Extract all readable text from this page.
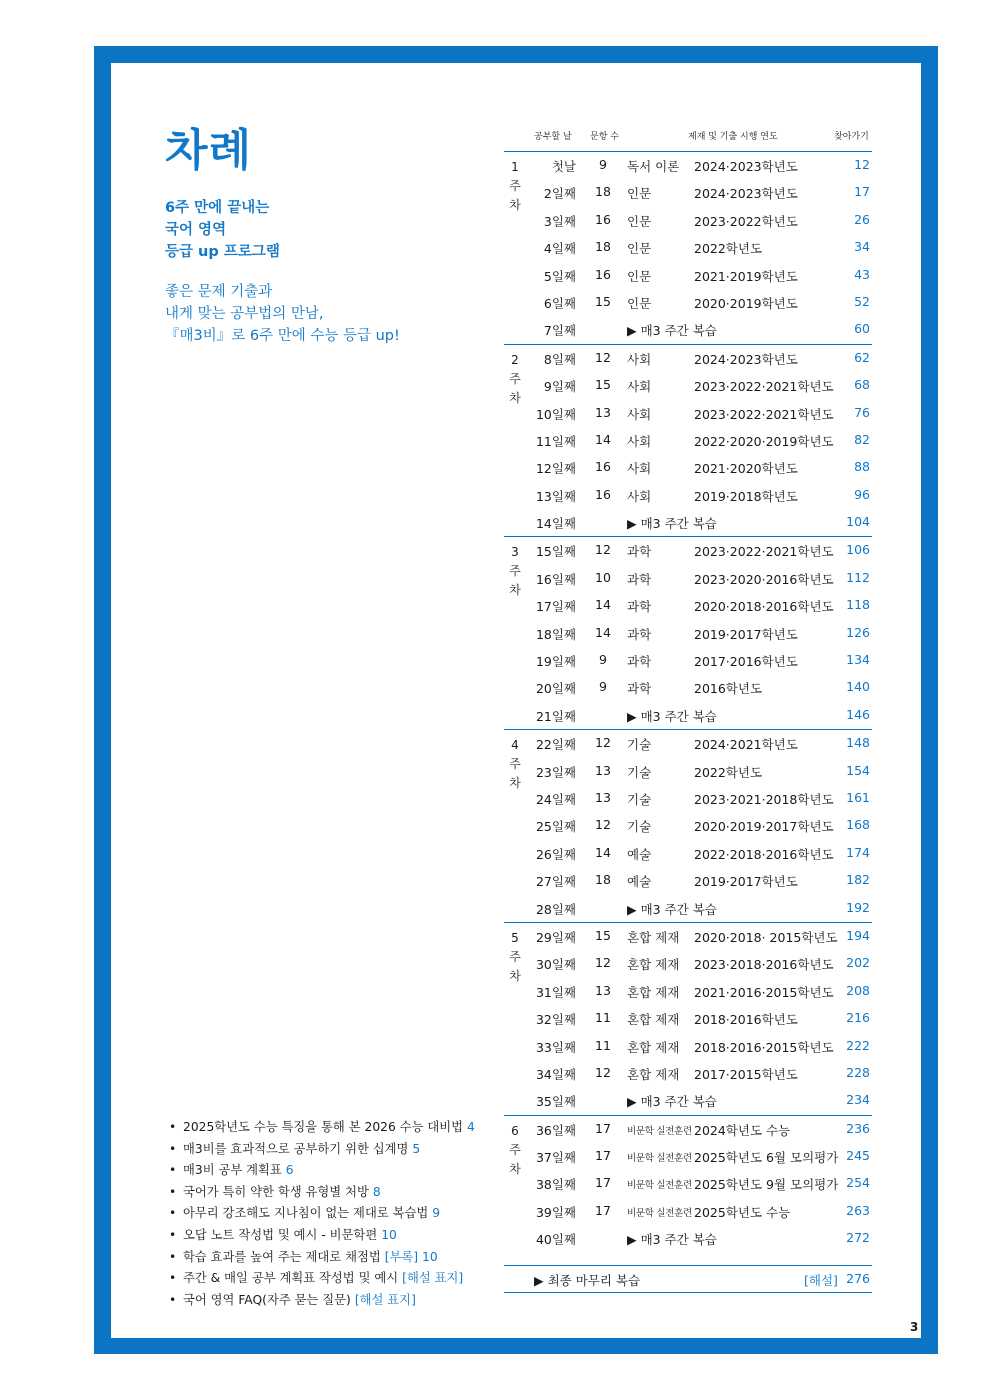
차례
6주 만에 끝내는
국어 영역
등급 up 프로그램
좋은 문제 기출과
내게 맞는 공부법의 만남,
『매3비』로 6주 만에 수능 등급 up!
• 2025학년도 수능 특징을 통해 본 2026 수능 대비법 4
• 매3비를 효과적으로 공부하기 위한 십계명 5
• 매3비 공부 계획표 6
• 국어가 특히 약한 학생 유형별 처방 8
• 아무리 강조해도 지나침이 없는 제대로 복습법 9
• 오답 노트 작성법 및 예시 - 비문학편 10
• 학습 효과를 높여 주는 제대로 채점법 [부록] 10
• 주간 & 매일 공부 계획표 작성법 및 예시 [해설 표지]
• 국어 영역 FAQ(자주 묻는 질문) [해설 표지]
공부할 날 문항 수	제재 및 기출 시행 연도	찾아가기
1
주
차
첫날	9	독서 이론 2024·2023학년도	12
2일째	18	인문	2024·2023학년도	17
3일째	16	인문	2023·2022학년도	26
4일째	18	인문	2022학년도	34
5일째	16	인문	2021·2019학년도	43
6일째	15	인문	2020·2019학년도	52
7일째	▶ 매3 주간 복습	60
2
주
차
8일째	12	사회	2024·2023학년도	62
9일째	15	사회	2023·2022·2021학년도	68
10일째	13	사회	2023·2022·2021학년도	76
11일째	14	사회	2022·2020·2019학년도	82
12일째	16	사회	2021·2020학년도	88
13일째	16	사회	2019·2018학년도	96
14일째	▶ 매3 주간 복습	104
3
주
차
15일째	12	과학	2023·2022·2021학년도	106
16일째	10	과학	2023·2020·2016학년도	112
17일째	14	과학	2020·2018·2016학년도	118
18일째	14	과학	2019·2017학년도	126
19일째	9	과학	2017·2016학년도	134
20일째	9	과학	2016학년도	140
21일째	▶ 매3 주간 복습	146
4
주
차
22일째	12	기술	2024·2021학년도	148
23일째	13	기술	2022학년도	154
24일째	13	기술	2023·2021·2018학년도	161
25일째	12	기술	2020·2019·2017학년도	168
26일째	14	예술	2022·2018·2016학년도	174
27일째	18	예술	2019·2017학년도	182
28일째	▶ 매3 주간 복습	192
5
주
차
29일째	15	혼합 제재 2020·2018· 2015학년도 194
30일째	12	혼합 제재 2023·2018·2016학년도	202
31일째	13	혼합 제재 2021·2016·2015학년도	208
32일째	11	혼합 제재 2018·2016학년도	216
33일째	11	혼합 제재 2018·2016·2015학년도	222
34일째	12	혼합 제재 2017·2015학년도	228
35일째	▶ 매3 주간 복습	234
6
주
차
36일째	17	비문학 실전훈련 2024학년도 수능	236
37일째	17	비문학 실전훈련 2025학년도 6월 모의평가 245
38일째	17	비문학 실전훈련 2025학년도 9월 모의평가 254
39일째	17	비문학 실전훈련 2025학년도 수능	263
40일째	▶ 매3 주간 복습	272
▶ 최종 마무리 복습	[해설] 276
3
